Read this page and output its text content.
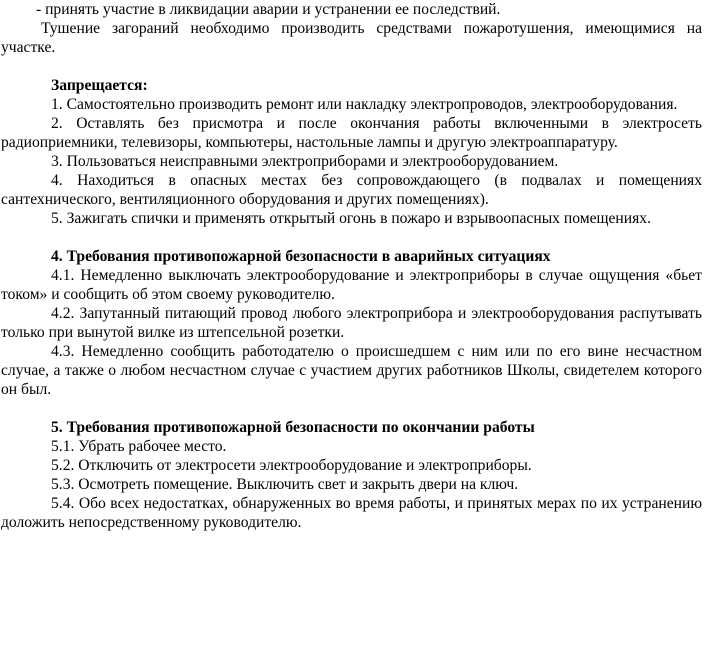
- принять участие в ликвидации аварии и устранении ее последствий.

Тушение загораний необходимо производить средствами пожаротушения, имеющимися на участке.

Запрещается:

1. Самостоятельно производить ремонт или накладку электропроводов, электрооборудования.

2. Оставлять без присмотра и после окончания работы включенными в электросеть радиоприемники, телевизоры, компьютеры, настольные лампы и другую электроаппаратуру.

3. Пользоваться неисправными электроприборами и электрооборудованием.

4. Находиться в опасных местах без сопровождающего (в подвалах и помещениях сантехнического, вентиляционного оборудования и других помещениях).

5. Зажигать спички и применять открытый огонь в пожаро и взрывоопасных помещениях.

4. Требования противопожарной безопасности в аварийных ситуациях

4.1. Немедленно выключать электрооборудование и электроприборы в случае ощущения «бьет током» и сообщить об этом своему руководителю.

4.2. Запутанный питающий провод любого электроприбора и электрооборудования распутывать только при вынутой вилке из штепсельной розетки.

4.3. Немедленно сообщить работодателю о происшедшем с ним или по его вине несчастном случае, а также о любом несчастном случае с участием других работников Школы, свидетелем которого он был.

5. Требования противопожарной безопасности по окончании работы

5.1. Убрать рабочее место.

5.2. Отключить от электросети электрооборудование и электроприборы.

5.3. Осмотреть помещение. Выключить свет и закрыть двери на ключ.

5.4. Обо всех недостатках, обнаруженных во время работы, и принятых мерах по их устранению доложить непосредственному руководителю.
